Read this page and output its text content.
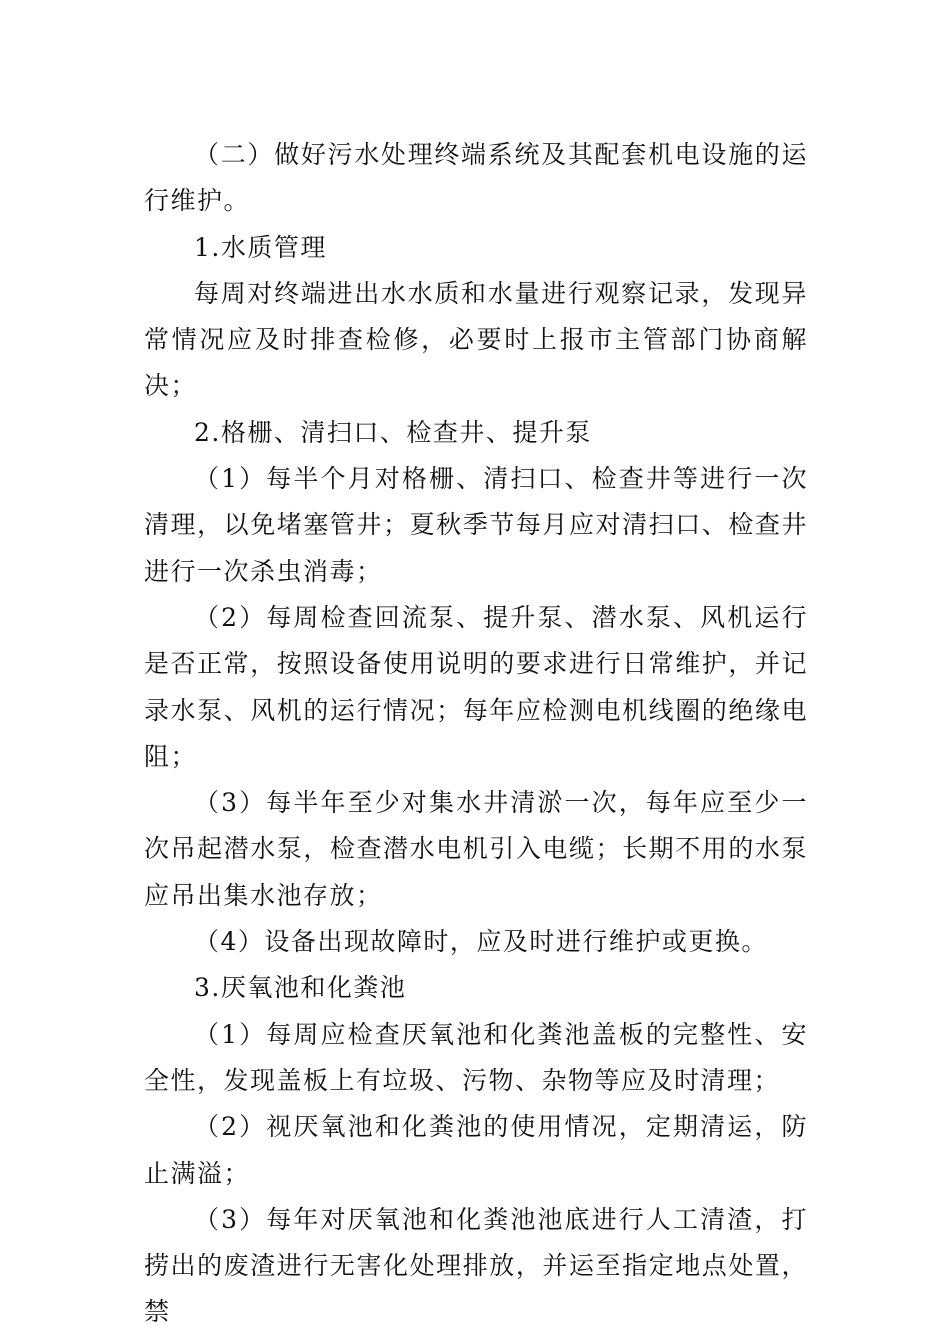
（二）做好污水处理终端系统及其配套机电设施的运行维护。

1.水质管理

每周对终端进出水水质和水量进行观察记录，发现异常情况应及时排查检修，必要时上报市主管部门协商解决；

2.格栅、清扫口、检查井、提升泵

（1）每半个月对格栅、清扫口、检查井等进行一次清理，以免堵塞管井；夏秋季节每月应对清扫口、检查井进行一次杀虫消毒；

（2）每周检查回流泵、提升泵、潜水泵、风机运行是否正常，按照设备使用说明的要求进行日常维护，并记录水泵、风机的运行情况；每年应检测电机线圈的绝缘电阻；

（3）每半年至少对集水井清淤一次，每年应至少一次吊起潜水泵，检查潜水电机引入电缆；长期不用的水泵应吊出集水池存放；

（4）设备出现故障时，应及时进行维护或更换。

3.厌氧池和化粪池

（1）每周应检查厌氧池和化粪池盖板的完整性、安全性，发现盖板上有垃圾、污物、杂物等应及时清理；

（2）视厌氧池和化粪池的使用情况，定期清运，防止满溢；

（3）每年对厌氧池和化粪池池底进行人工清渣，打捞出的废渣进行无害化处理排放，并运至指定地点处置，禁
